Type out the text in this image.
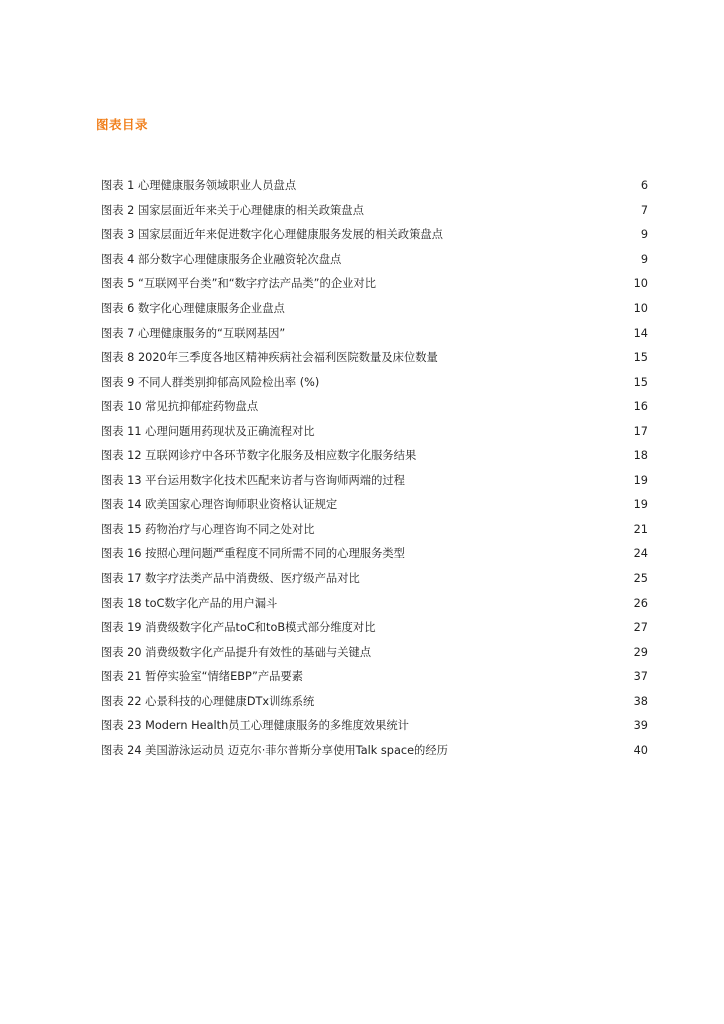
图表目录
图表 1 心理健康服务领域职业人员盘点	6
图表 2 国家层面近年来关于心理健康的相关政策盘点	7
图表 3 国家层面近年来促进数字化心理健康服务发展的相关政策盘点	9
图表 4 部分数字心理健康服务企业融资轮次盘点	9
图表 5 “互联网平台类”和“数字疗法产品类”的企业对比	10
图表 6 数字化心理健康服务企业盘点	10
图表 7 心理健康服务的“互联网基因”	14
图表 8 2020年三季度各地区精神疾病社会福利医院数量及床位数量	15
图表 9 不同人群类别抑郁高风险检出率 (%)	15
图表 10 常见抗抑郁症药物盘点	16
图表 11 心理问题用药现状及正确流程对比	17
图表 12 互联网诊疗中各环节数字化服务及相应数字化服务结果	18
图表 13 平台运用数字化技术匹配来访者与咨询师两端的过程	19
图表 14 欧美国家心理咨询师职业资格认证规定	19
图表 15 药物治疗与心理咨询不同之处对比	21
图表 16 按照心理问题严重程度不同所需不同的心理服务类型	24
图表 17 数字疗法类产品中消费级、医疗级产品对比	25
图表 18 toC数字化产品的用户漏斗	26
图表 19 消费级数字化产品toC和toB模式部分维度对比	27
图表 20 消费级数字化产品提升有效性的基础与关键点	29
图表 21 暂停实验室“情绪EBP”产品要素	37
图表 22 心景科技的心理健康DTx训练系统	38
图表 23 Modern Health员工心理健康服务的多维度效果统计	39
图表 24 美国游泳运动员 迈克尔·菲尔普斯分享使用Talk space的经历	40
